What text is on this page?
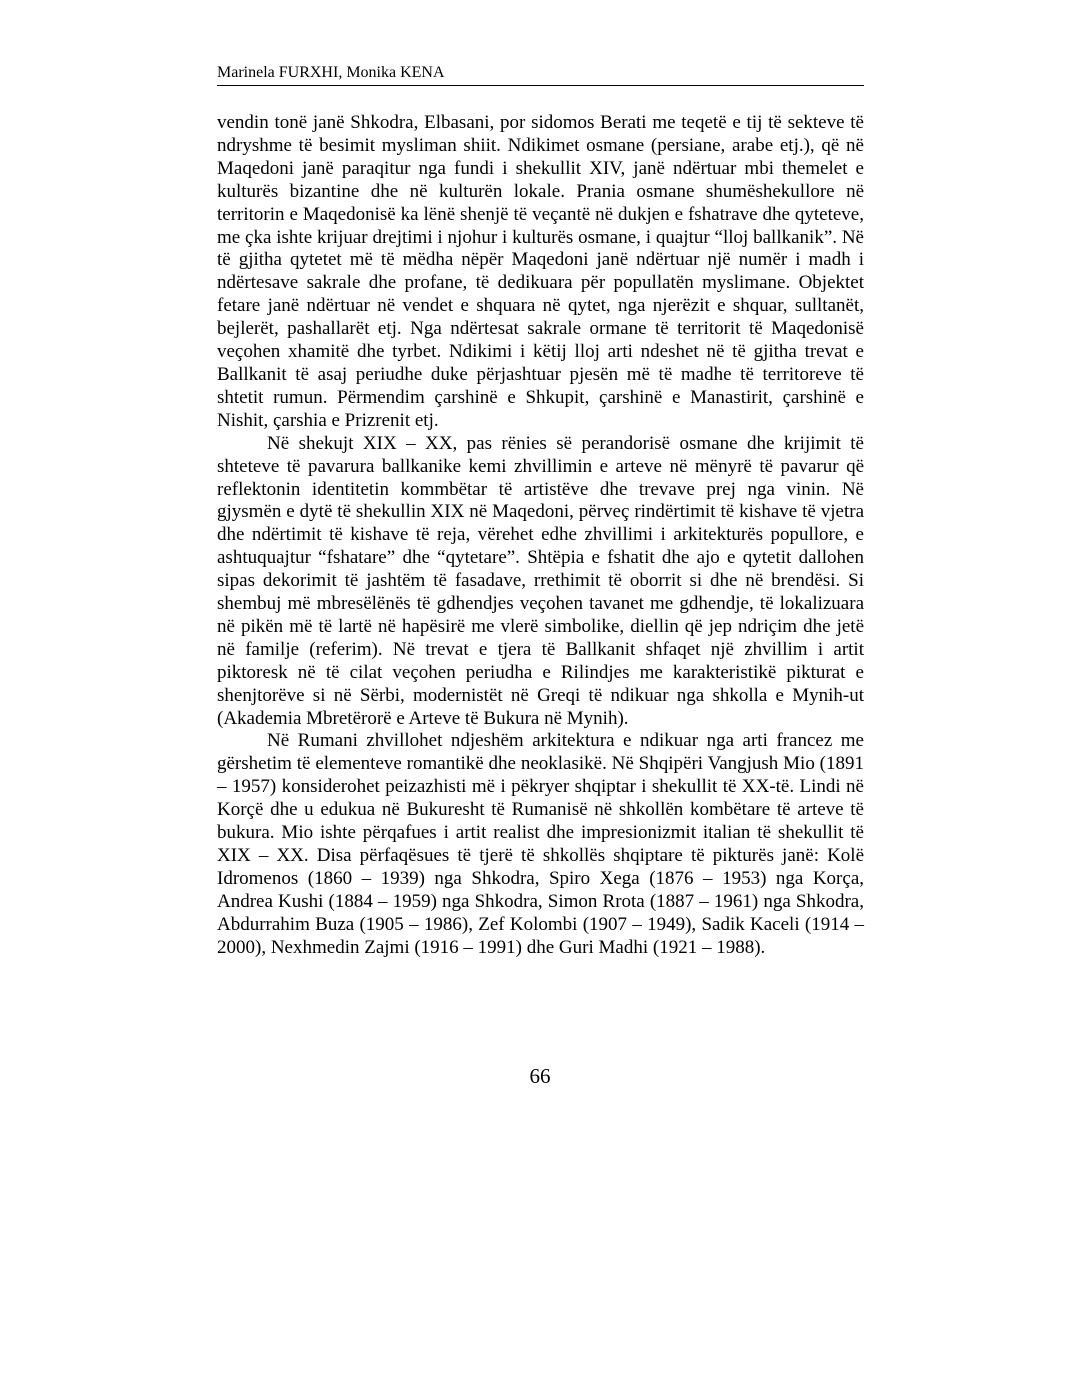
Marinela FURXHI, Monika KENA

vendin tonë janë Shkodra, Elbasani, por sidomos Berati me teqetë e tij të sekteve të ndryshme të besimit mysliman shiit. Ndikimet osmane (persiane, arabe etj.), që në Maqedoni janë paraqitur nga fundi i shekullit XIV, janë ndërtuar mbi themelet e kulturës bizantine dhe në kulturën lokale. Prania osmane shumëshekullore në territorin e Maqedonisë ka lënë shenjë të veçantë në dukjen e fshatrave dhe qyteteve, me çka ishte krijuar drejtimi i njohur i kulturës osmane, i quajtur “lloj ballkanik”. Në të gjitha qytetet më të mëdha nëpër Maqedoni janë ndërtuar një numër i madh i ndërtesave sakrale dhe profane, të dedikuara për popullatën myslimane. Objektet fetare janë ndërtuar në vendet e shquara në qytet, nga njerëzit e shquar, sulltanët, bejlerët, pashallarët etj. Nga ndërtesat sakrale ormane të territorit të Maqedonisë veçohen xhamitë dhe tyrbet. Ndikimi i këtij lloj arti ndeshet në të gjitha trevat e Ballkanit të asaj periudhe duke përjashtuar pjesën më të madhe të territoreve të shtetit rumun. Përmendim çarshinë e Shkupit, çarshinë e Manastirit, çarshinë e Nishit, çarshia e Prizrenit etj.

Në shekujt XIX – XX, pas rënies së perandorisë osmane dhe krijimit të shteteve të pavarura ballkanike kemi zhvillimin e arteve në mënyrë të pavarur që reflektonin identitetin kommbëtar të artistëve dhe trevave prej nga vinin. Në gjysmën e dytë të shekullin XIX në Maqedoni, përveç rindërtimit të kishave të vjetra dhe ndërtimit të kishave të reja, vërehet edhe zhvillimi i arkitekturës popullore, e ashtuquajtur “fshatare” dhe “qytetare”. Shtëpia e fshatit dhe ajo e qytetit dallohen sipas dekorimit të jashtëm të fasadave, rrethimit të oborrit si dhe në brendësi. Si shembuj më mbresëlënës të gdhendjes veçohen tavanet me gdhendje, të lokalizuara në pikën më të lartë në hapësirë me vlerë simbolike, diellin që jep ndriçim dhe jetë në familje (referim). Në trevat e tjera të Ballkanit shfaqet një zhvillim i artit piktoresk në të cilat veçohen periudha e Rilindjes me karakteristikë pikturat e shenjtorëve si në Sërbi, modernistët në Greqi të ndikuar nga shkolla e Mynih-ut (Akademia Mbretërorë e Arteve të Bukura në Mynih).

Në Rumani zhvillohet ndjeshëm arkitektura e ndikuar nga arti francez me gërshetim të elementeve romantikë dhe neoklasikë. Në Shqipëri Vangjush Mio (1891 – 1957) konsiderohet peizazhisti më i pëkryer shqiptar i shekullit të XX-të. Lindi në Korçë dhe u edukua në Bukuresht të Rumanisë në shkollën kombëtare të arteve të bukura. Mio ishte përqafues i artit realist dhe impresionizmit italian të shekullit të XIX – XX. Disa përfaqësues të tjerë të shkollës shqiptare të pikturës janë: Kolë Idromenos (1860 – 1939) nga Shkodra, Spiro Xega (1876 – 1953) nga Korça, Andrea Kushi (1884 – 1959) nga Shkodra, Simon Rrota (1887 – 1961) nga Shkodra, Abdurrahim Buza (1905 – 1986), Zef Kolombi (1907 – 1949), Sadik Kaceli (1914 – 2000), Nexhmedin Zajmi (1916 – 1991) dhe Guri Madhi (1921 – 1988).

66
